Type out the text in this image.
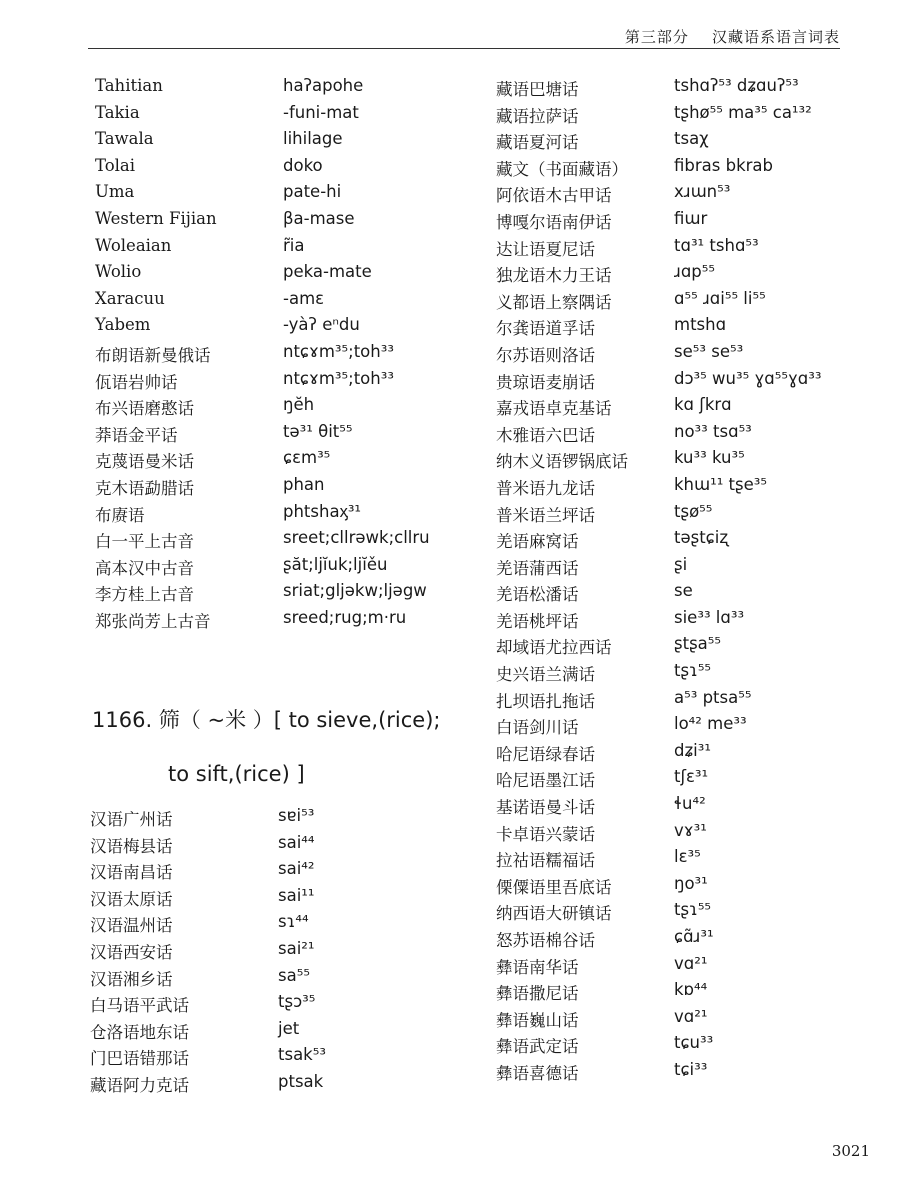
第三部分 汉藏语系语言词表
Tahitian	haʔapohe
Takia	-funi-mat
Tawala	lihilage
Tolai	doko
Uma	pate-hi
Western Fijian	βa-mase
Woleaian	r̃ia
Wolio	peka-mate
Xaracuu	-amɛ
Yabem	-yàʔ eⁿdu
布朗语新曼俄话	ntɕɤm³⁵;toh³³
佤语岩帅话	ntɕɤm³⁵;toh³³
布兴语磨憨话	ŋĕh
莽语金平话	tə³¹ θit⁵⁵
克蔑语曼米话	ɕɛm³⁵
克木语勐腊话	phan
布赓语	phtshaᶍ³¹
白一平上古音	sreet;cllrəwk;cllru
高本汉中古音	ʂăt;ljĭuk;ljĭěu
李方桂上古音	sriat;gljəkw;ljəgw
郑张尚芳上古音	sreed;rug;m·ru
1166. 筛（ ~米 ）[ to sieve,(rice);
to sift,(rice) ]
汉语广州话	sɐi⁵³
汉语梅县话	sai⁴⁴
汉语南昌话	sai⁴²
汉语太原话	sai¹¹
汉语温州话	sɿ⁴⁴
汉语西安话	sai²¹
汉语湘乡话	sa⁵⁵
白马语平武话	tʂɔ³⁵
仓洛语地东话	jet
门巴语错那话	tsak⁵³
藏语阿力克话	ptsak
藏语巴塘话	tshɑʔ⁵³ dʑɑuʔ⁵³
藏语拉萨话	tʂhø⁵⁵ ma³⁵ ca¹³²
藏语夏河话	tsaχ
藏文（书面藏语）	fibras bkrab
阿依语木古甲话	xɹɯn⁵³
博嘎尔语南伊话	fiɯr
达让语夏尼话	tɑ³¹ tshɑ⁵³
独龙语木力王话	ɹɑp⁵⁵
义都语上察隅话	ɑ⁵⁵ ɹɑi⁵⁵ li⁵⁵
尔龚语道孚话	mtshɑ
尔苏语则洛话	se⁵³ se⁵³
贵琼语麦崩话	dɔ³⁵ wu³⁵ ɣɑ⁵⁵ɣɑ³³
嘉戎语卓克基话	kɑ ʃkrɑ
木雅语六巴话	no³³ tsɑ⁵³
纳木义语锣锅底话	ku³³ ku³⁵
普米语九龙话	khɯ¹¹ tʂe³⁵
普米语兰坪话	tʂø⁵⁵
羌语麻窝话	təʂtɕiʐ
羌语蒲西话	ʂi
羌语松潘话	se
羌语桃坪话	sie³³ lɑ³³
却域语尤拉西话	ʂtʂa⁵⁵
史兴语兰满话	tʂɿ⁵⁵
扎坝语扎拖话	a⁵³ ptsa⁵⁵
白语剑川话	lo⁴² me³³
哈尼语绿春话	dʑi³¹
哈尼语墨江话	tʃɛ³¹
基诺语曼斗话	ɬu⁴²
卡卓语兴蒙话	vɤ³¹
拉祜语糯福话	lɛ³⁵
傈僳语里吾底话	ŋo³¹
纳西语大研镇话	tʂɿ⁵⁵
怒苏语棉谷话	ɕɑ̃ɹ³¹
彝语南华话	vɑ²¹
彝语撒尼话	kɒ⁴⁴
彝语巍山话	vɑ²¹
彝语武定话	tɕu³³
彝语喜德话	tɕi³³
3021
